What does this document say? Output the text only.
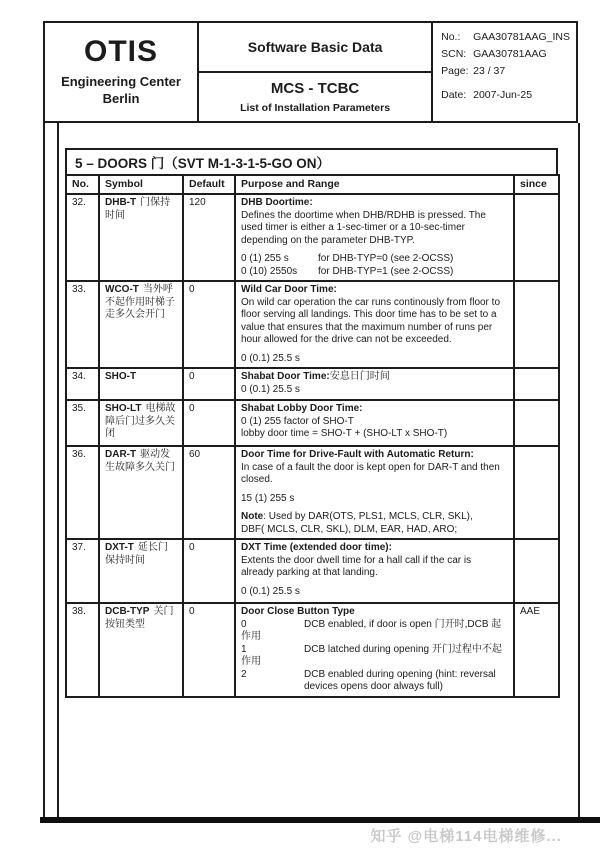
OTIS
Engineering Center
Berlin
Software Basic Data
MCS - TCBC
List of Installation Parameters
No.:	GAA30781AAG_INS
SCN: GAA30781AAG
Page: 23 / 37
Date: 2007-Jun-25
5 – DOORS 门（SVT M-1-3-1-5-GO ON）
No.	Symbol	Default	Purpose and Range	since
32.	DHB-T 门保持时间	120	DHB Doortime:
Defines the doortime when DHB/RDHB is pressed. The
used timer is either a 1-sec-timer or a 10-sec-timer
depending on the parameter DHB-TYP.
0 (1) 255 s	for DHB-TYP=0 (see 2-OCSS)
0 (10) 2550s	for DHB-TYP=1 (see 2-OCSS)

33.	WCO-T 当外呼不起作用时梯子走多久会开门	0	Wild Car Door Time:
On wild car operation the car runs continously from floor to
floor serving all landings. This door time has to be set to a
value that ensures that the maximum number of runs per
hour allowed for the drive can not be exceeded.
0 (0.1) 25.5 s

34.	SHO-T	0	Shabat Door Time:安息日门时间
0 (0.1) 25.5 s	

35.	SHO-LT 电梯故障后门过多久关闭	0	Shabat Lobby Door Time:
0 (1) 255 factor of SHO-T
lobby door time = SHO-T + (SHO-LT x SHO-T)	

36.	DAR-T 驱动发生故障多久关门	60	Door Time for Drive-Fault with Automatic Return:
In case of a fault the door is kept open for DAR-T and then
closed.
15 (1) 255 s
Note: Used by DAR(OTS, PLS1, MCLS, CLR, SKL),
DBF( MCLS, CLR, SKL), DLM, EAR, HAD, ARO;

37.	DXT-T 延长门保持时间	0	DXT Time (extended door time):
Extents the door dwell time for a hall call if the car is
already parking at that landing.
0 (0.1) 25.5 s	

38.	DCB-TYP 关门按钮类型	0	Door Close Button Type
0	DCB enabled, if door is open 门开时,DCB 起
作用
1	DCB latched during opening 开门过程中不起
作用
2	DCB enabled during opening (hint: reversal
devices opens door always full)
	AAE
知乎 @电梯114电梯维修...
